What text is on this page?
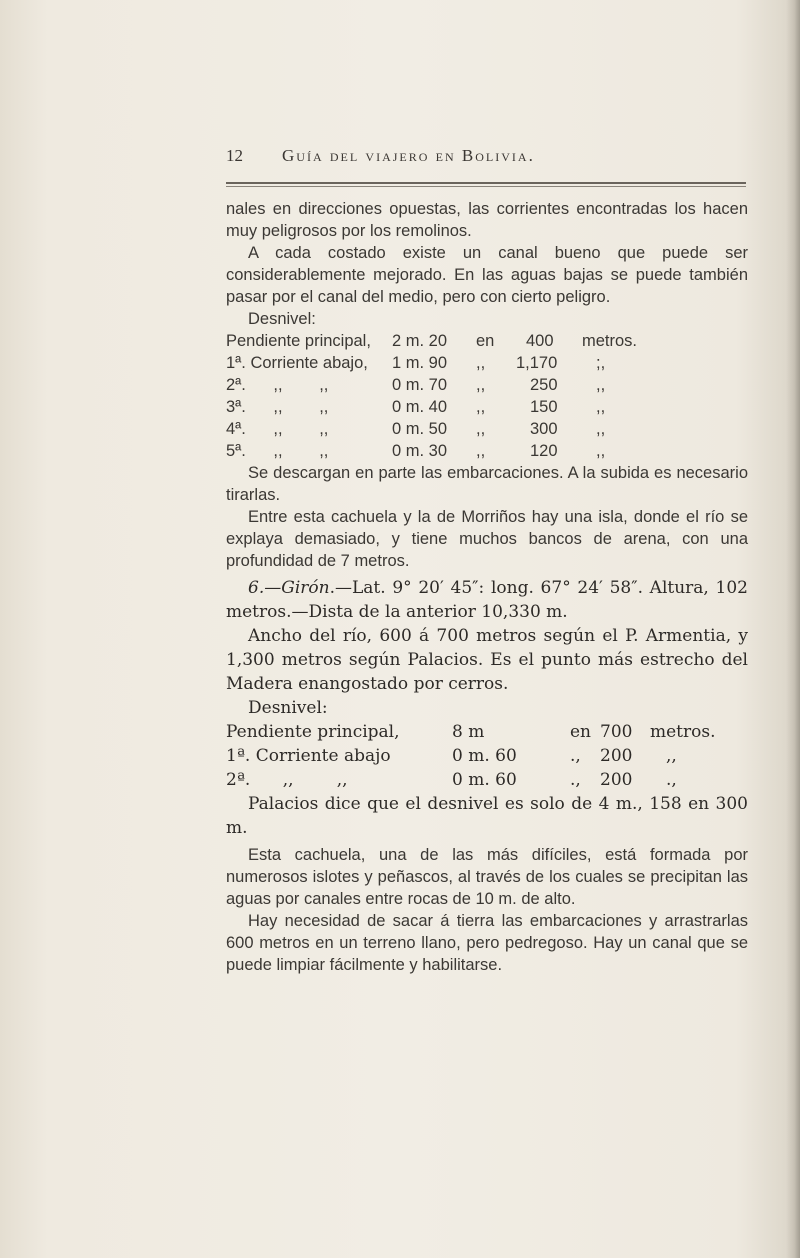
12 Guía del viajero en Bolivia.

nales en direcciones opuestas, las corrientes encontradas los hacen muy peligrosos por los remolinos.

A cada costado existe un canal bueno que puede ser considerablemente mejorado. En las aguas bajas se puede también pasar por el canal del medio, pero con cierto peligro.

Desnivel:

Pendiente principal, 2 m. 20 en 400 metros.
1ª. Corriente abajo, 1 m. 90 ,, 1,170 ;,
2ª.      ,,        ,,	0 m. 70 ,,	250 ,,
3ª.      ,,        ,,	0 m. 40 ,,	150 ,,
4ª.      ,,        ,,	0 m. 50 ,,	300 ,,
5ª.      ,,        ,,	0 m. 30 ,,	120 ,,

Se descargan en parte las embarcaciones. A la subida es necesario tirarlas.

Entre esta cachuela y la de Morriños hay una isla, donde el río se explaya demasiado, y tiene muchos bancos de arena, con una profundidad de 7 metros.

6.—Girón.—Lat. 9° 20′ 45″: long. 67° 24′ 58″. Altura, 102 metros.—Dista de la anterior 10,330 m.

Ancho del río, 600 á 700 metros según el P. Armentia, y 1,300 metros según Palacios. Es el punto más estrecho del Madera enangostado por cerros.

Desnivel:

Pendiente principal,	8 m	en 700 metros.
1ª. Corriente abajo	0 m. 60	., 200 ,,
2ª.      ,,        ,,	0 m. 60	., 200 .,

Palacios dice que el desnivel es solo de 4 m., 158 en 300 m.

Esta cachuela, una de las más difíciles, está formada por numerosos islotes y peñascos, al través de los cuales se precipitan las aguas por canales entre rocas de 10 m. de alto.

Hay necesidad de sacar á tierra las embarcaciones y arrastrarlas 600 metros en un terreno llano, pero pedregoso. Hay un canal que se puede limpiar fácilmente y habilitarse.
